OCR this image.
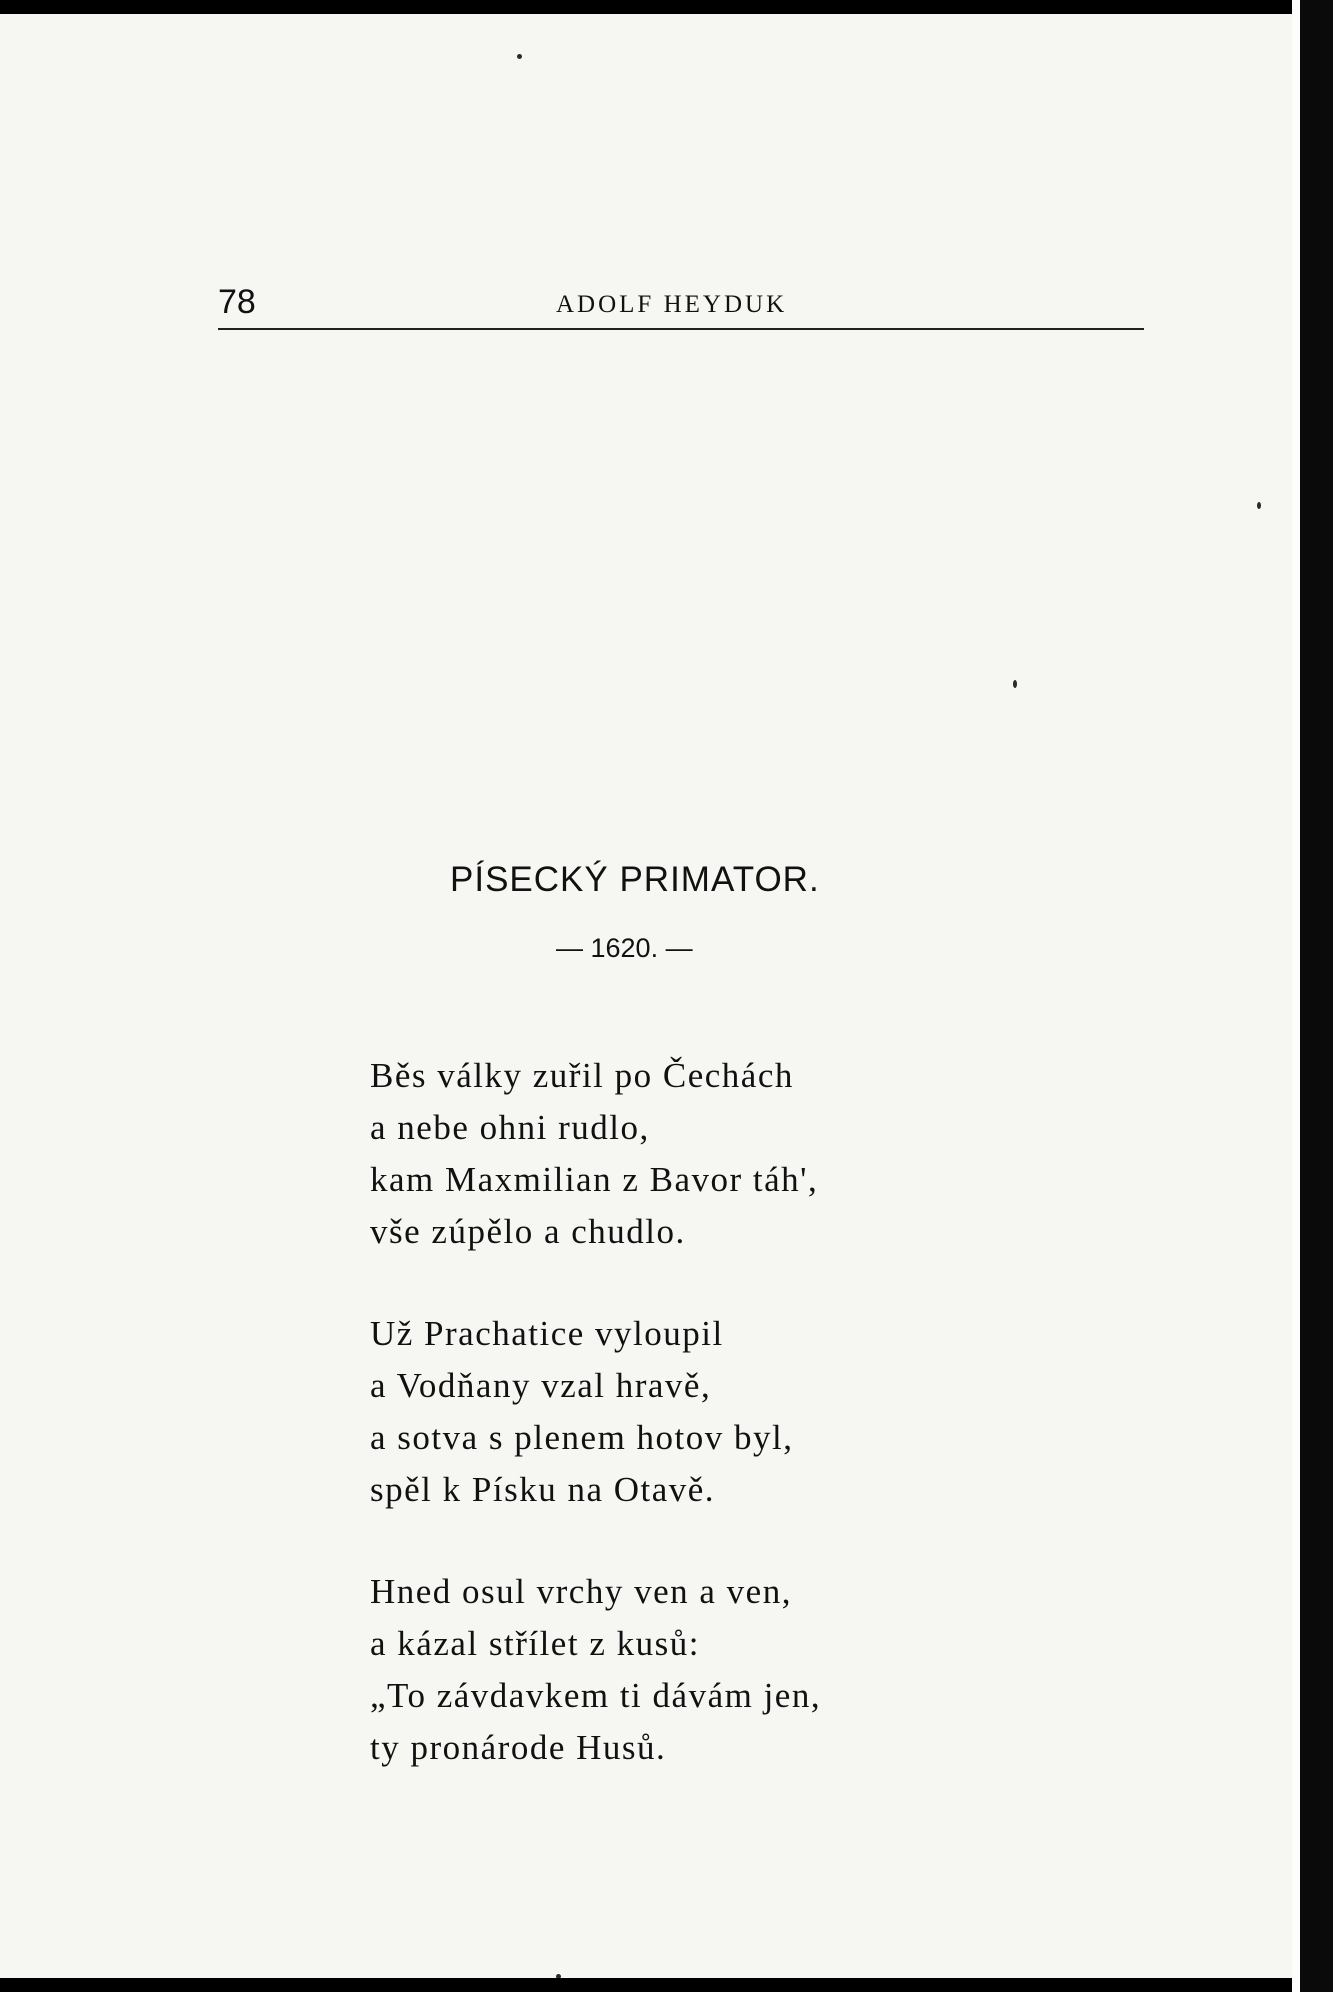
78	ADOLF HEYDUK
PÍSECKÝ PRIMATOR.
— 1620. —
Běs války zuřil po Čechách
a nebe ohni rudlo,
kam Maxmilian z Bavor táh',
vše zúpělo a chudlo.
Už Prachatice vyloupil
a Vodňany vzal hravě,
a sotva s plenem hotov byl,
spěl k Písku na Otavě.
Hned osul vrchy ven a ven,
a kázal střílet z kusů:
„To závdavkem ti dávám jen,
ty pronárode Husů.
